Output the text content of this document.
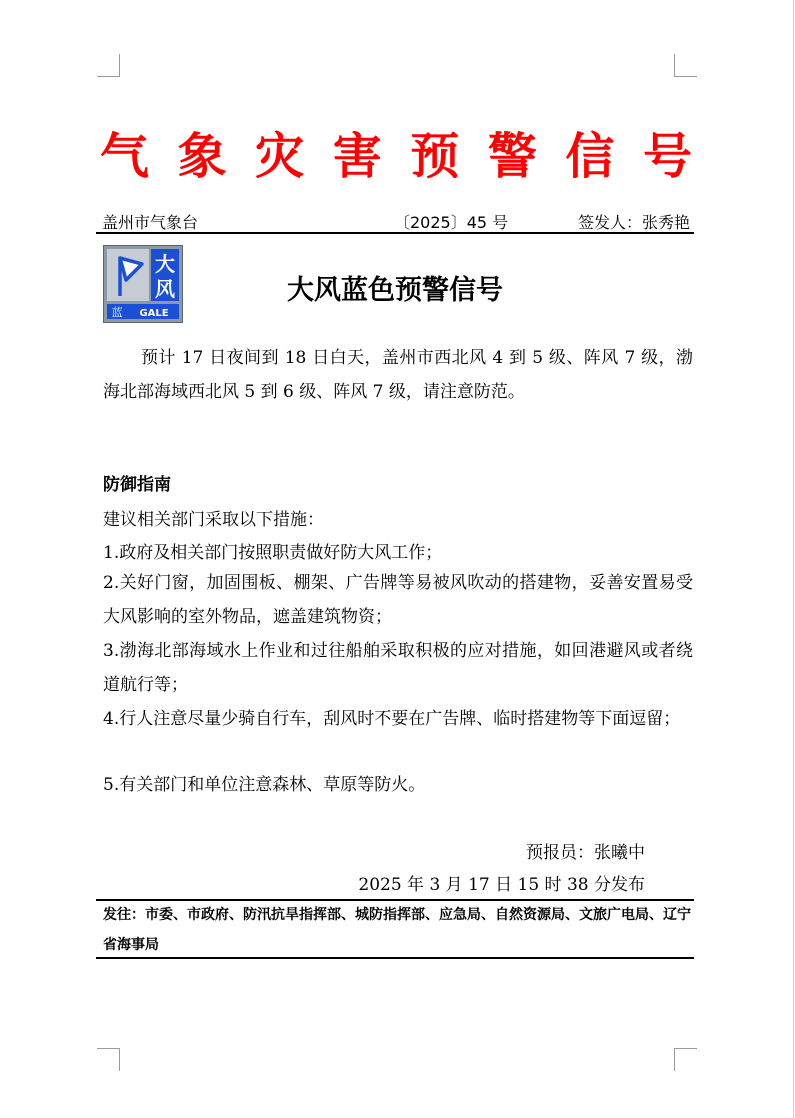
气 象 灾 害 预 警 信 号
盖州市气象台	〔2025〕45 号	签发人：张秀艳
大
风
蓝 GALE
大风蓝色预警信号
预计 17 日夜间到 18 日白天，盖州市西北风 4 到 5 级、阵风 7 级，渤海北部海域西北风 5 到 6 级、阵风 7 级，请注意防范。
防御指南
建议相关部门采取以下措施：
1.政府及相关部门按照职责做好防大风工作；
2.关好门窗，加固围板、棚架、广告牌等易被风吹动的搭建物，妥善安置易受大风影响的室外物品，遮盖建筑物资；
3.渤海北部海域水上作业和过往船舶采取积极的应对措施，如回港避风或者绕道航行等；
4.行人注意尽量少骑自行车，刮风时不要在广告牌、临时搭建物等下面逗留；
5.有关部门和单位注意森林、草原等防火。
预报员：张曦中
2025 年 3 月 17 日 15 时 38 分发布
发往：市委、市政府、防汛抗旱指挥部、城防指挥部、应急局、自然资源局、文旅广电局、辽宁省海事局
